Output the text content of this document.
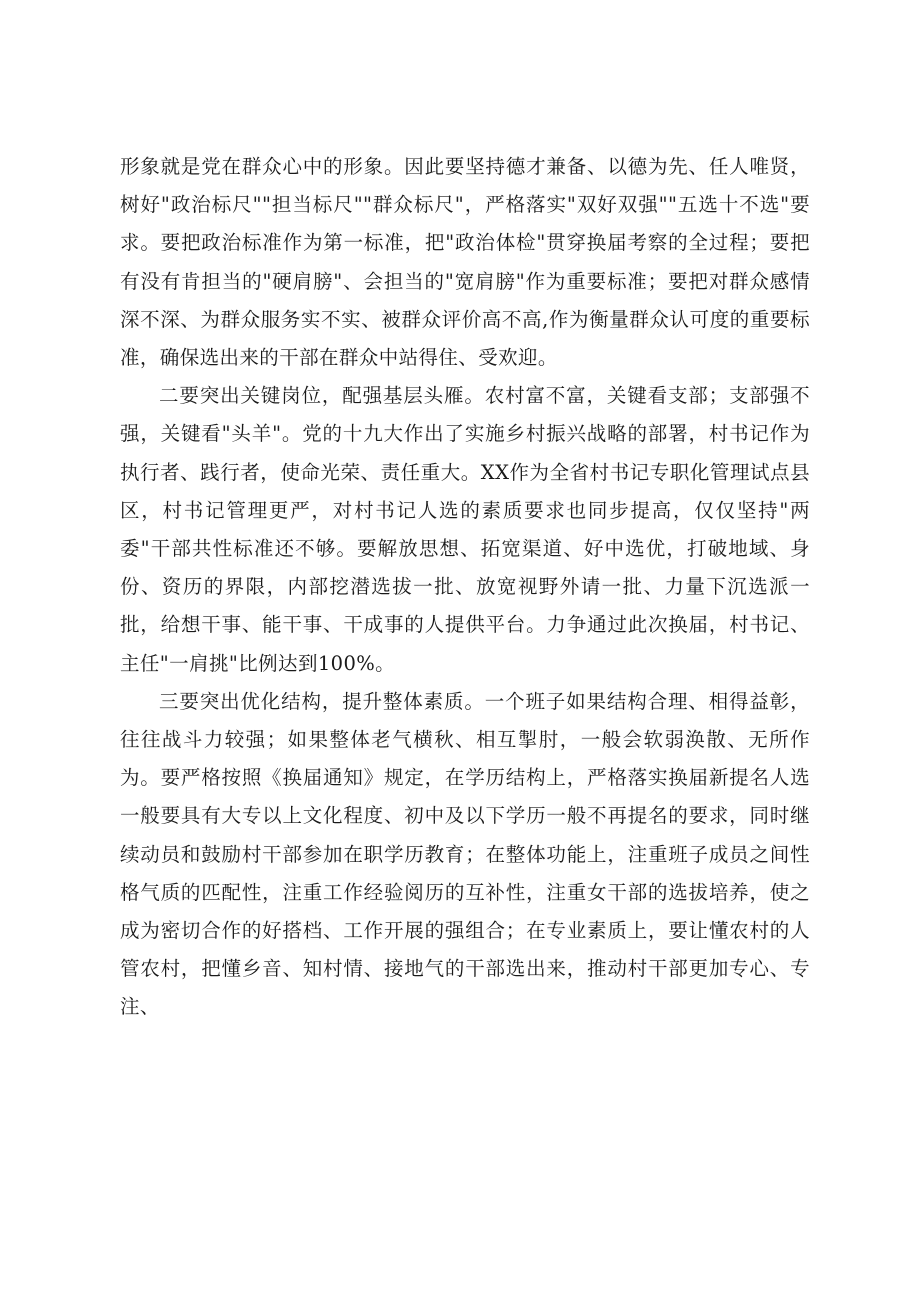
形象就是党在群众心中的形象。因此要坚持德才兼备、以德为先、任人唯贤，树好"政治标尺""担当标尺""群众标尺"，严格落实"双好双强""五选十不选"要求。要把政治标准作为第一标准，把"政治体检"贯穿换届考察的全过程；要把有没有肯担当的"硬肩膀"、会担当的"宽肩膀"作为重要标准；要把对群众感情深不深、为群众服务实不实、被群众评价高不高,作为衡量群众认可度的重要标准，确保选出来的干部在群众中站得住、受欢迎。

二要突出关键岗位，配强基层头雁。农村富不富，关键看支部；支部强不强，关键看"头羊"。党的十九大作出了实施乡村振兴战略的部署，村书记作为执行者、践行者，使命光荣、责任重大。XX作为全省村书记专职化管理试点县区，村书记管理更严，对村书记人选的素质要求也同步提高，仅仅坚持"两委"干部共性标准还不够。要解放思想、拓宽渠道、好中选优，打破地域、身份、资历的界限，内部挖潜选拔一批、放宽视野外请一批、力量下沉选派一批，给想干事、能干事、干成事的人提供平台。力争通过此次换届，村书记、主任"一肩挑"比例达到100%。

三要突出优化结构，提升整体素质。一个班子如果结构合理、相得益彰，往往战斗力较强；如果整体老气横秋、相互掣肘，一般会软弱涣散、无所作为。要严格按照《换届通知》规定，在学历结构上，严格落实换届新提名人选一般要具有大专以上文化程度、初中及以下学历一般不再提名的要求，同时继续动员和鼓励村干部参加在职学历教育；在整体功能上，注重班子成员之间性格气质的匹配性，注重工作经验阅历的互补性，注重女干部的选拔培养，使之成为密切合作的好搭档、工作开展的强组合；在专业素质上，要让懂农村的人管农村，把懂乡音、知村情、接地气的干部选出来，推动村干部更加专心、专注、
